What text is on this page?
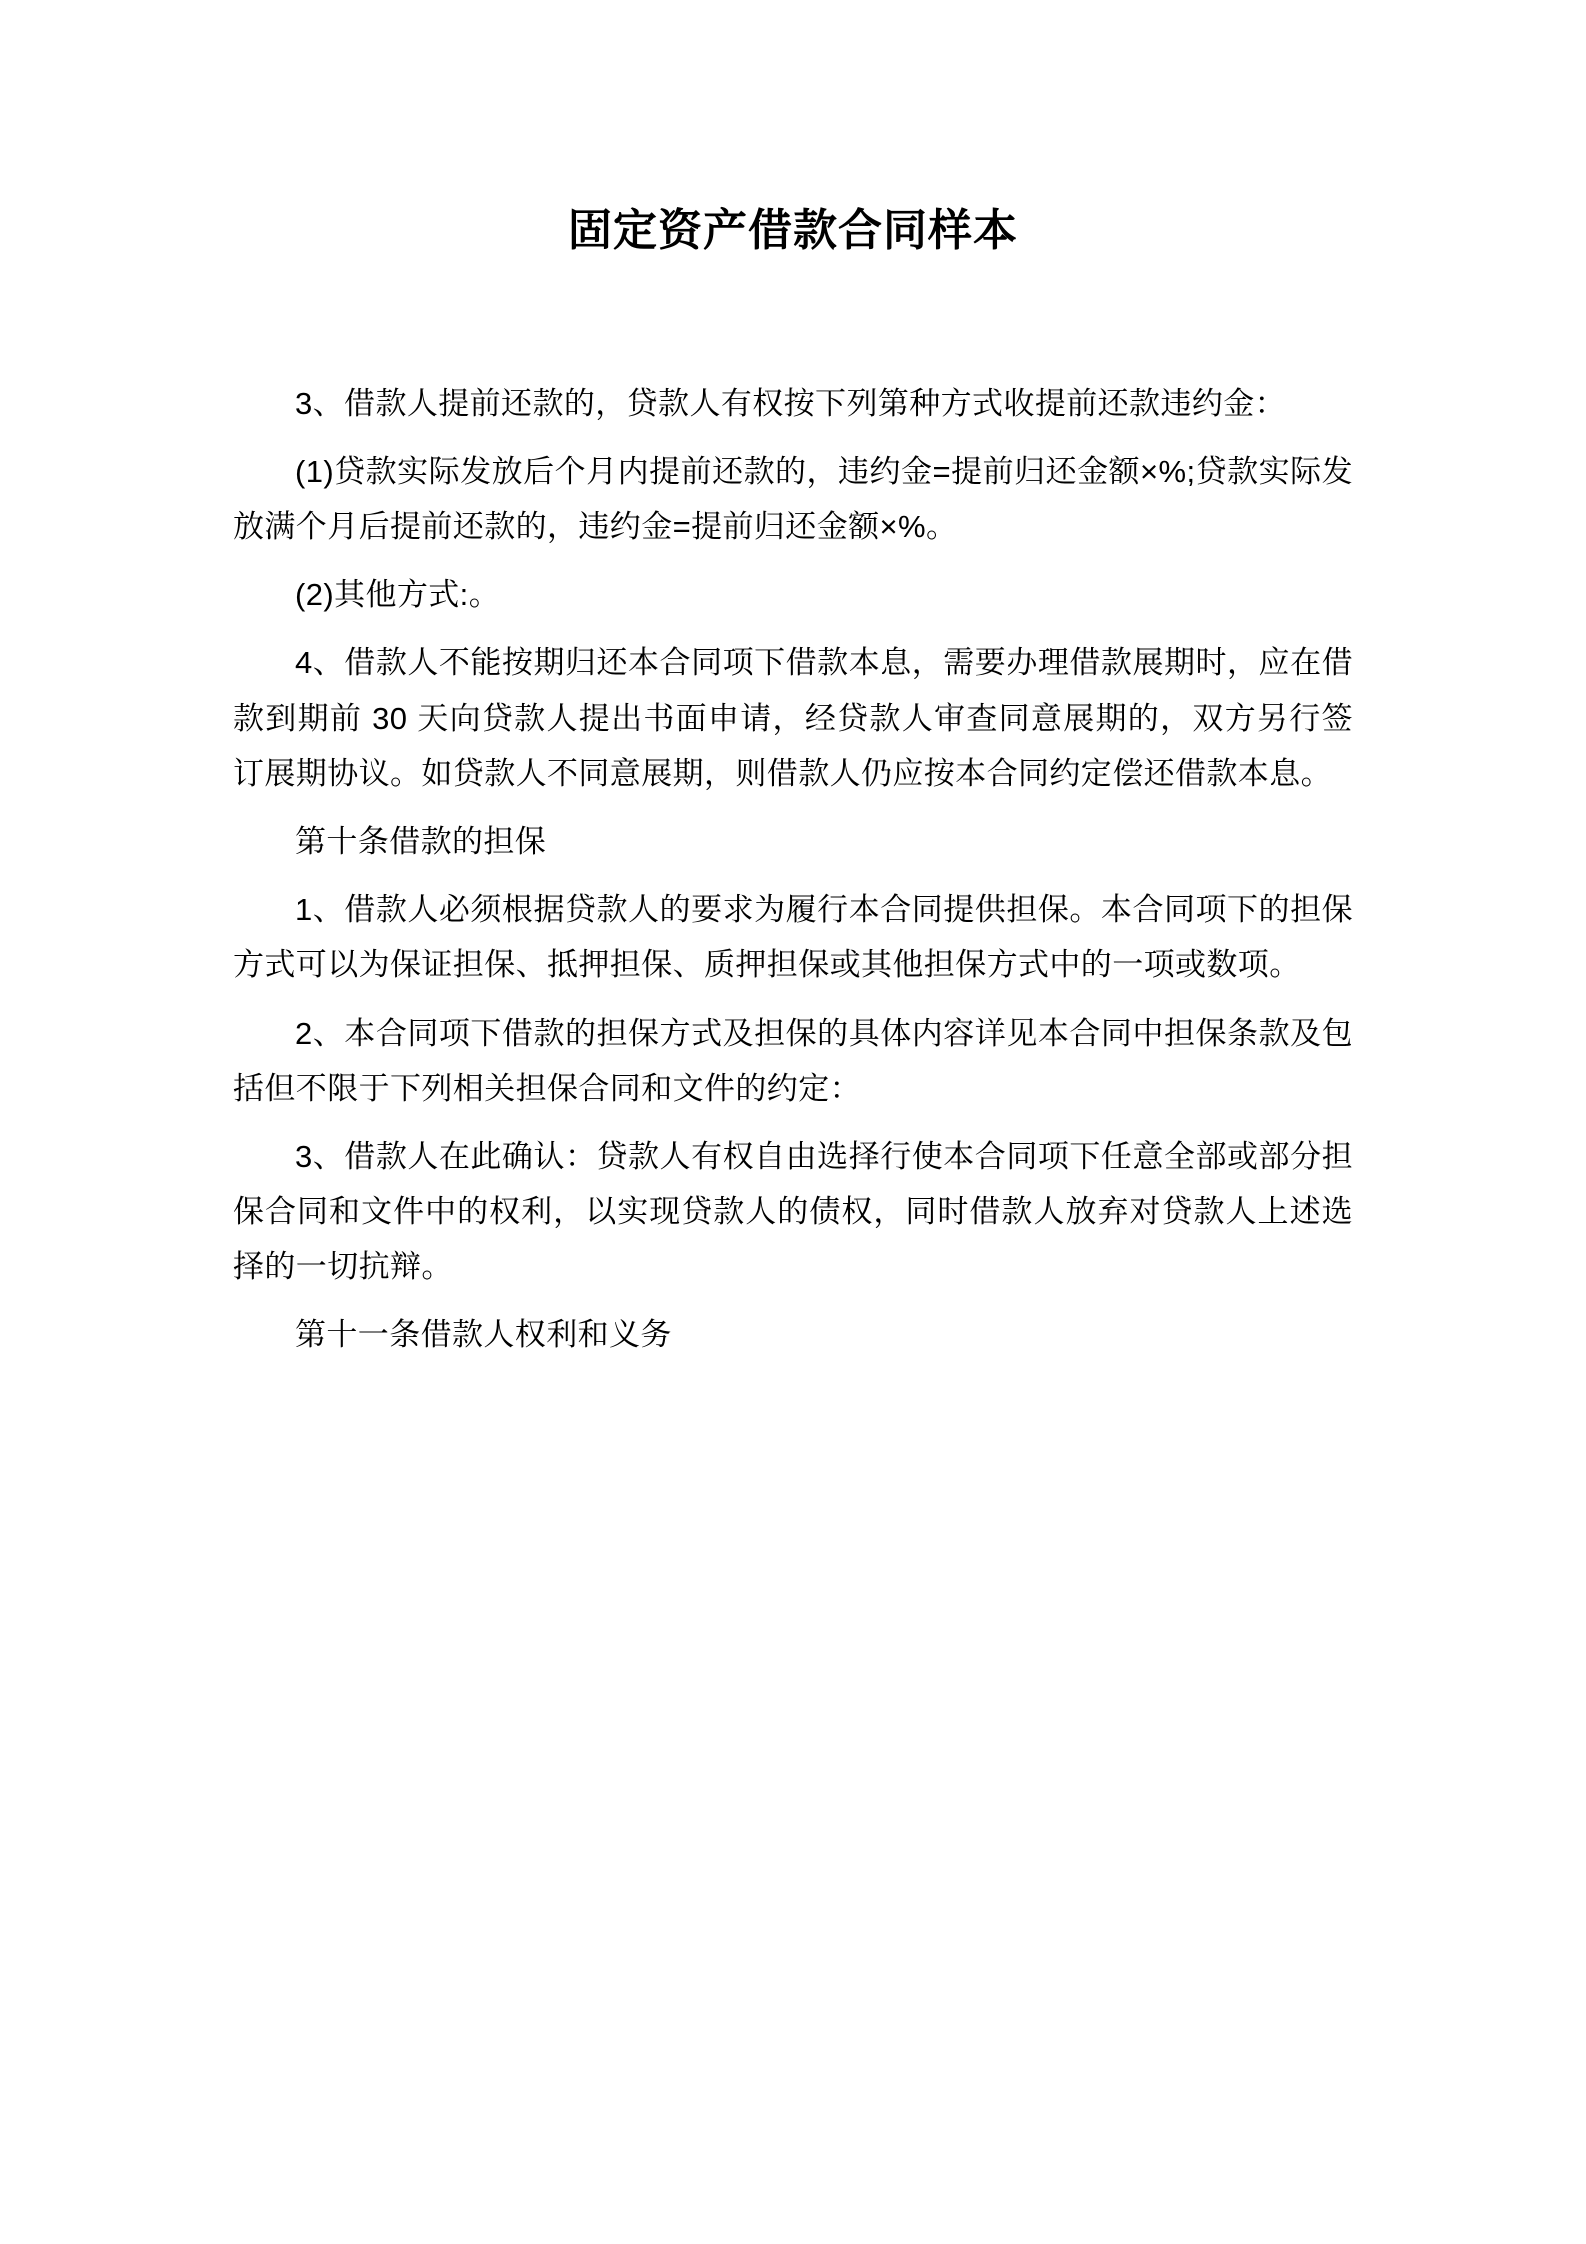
固定资产借款合同样本

3、借款人提前还款的，贷款人有权按下列第种方式收提前还款违约金：

(1)贷款实际发放后个月内提前还款的，违约金=提前归还金额×%;贷款实际发放满个月后提前还款的，违约金=提前归还金额×%。

(2)其他方式:。

4、借款人不能按期归还本合同项下借款本息，需要办理借款展期时，应在借款到期前 30 天向贷款人提出书面申请，经贷款人审查同意展期的，双方另行签订展期协议。如贷款人不同意展期，则借款人仍应按本合同约定偿还借款本息。

第十条借款的担保

1、借款人必须根据贷款人的要求为履行本合同提供担保。本合同项下的担保方式可以为保证担保、抵押担保、质押担保或其他担保方式中的一项或数项。

2、本合同项下借款的担保方式及担保的具体内容详见本合同中担保条款及包括但不限于下列相关担保合同和文件的约定：

3、借款人在此确认：贷款人有权自由选择行使本合同项下任意全部或部分担保合同和文件中的权利，以实现贷款人的债权，同时借款人放弃对贷款人上述选择的一切抗辩。

第十一条借款人权利和义务
